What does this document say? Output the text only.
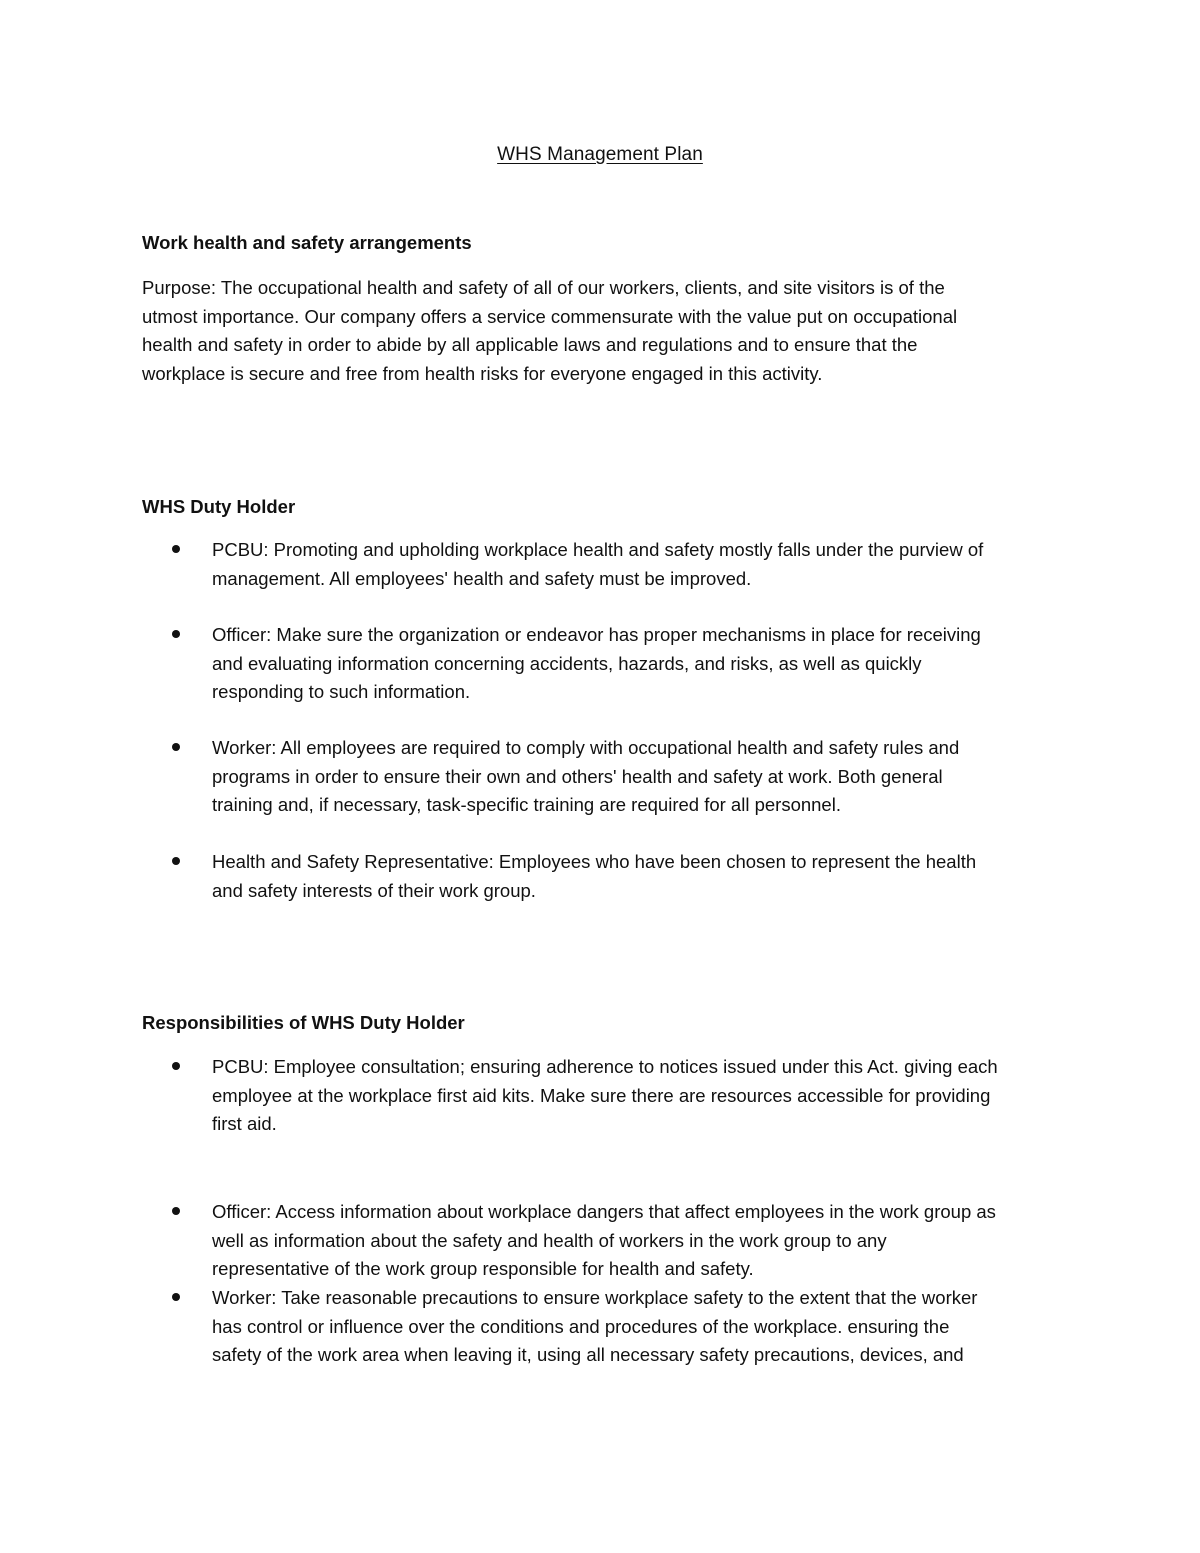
WHS Management Plan
Work health and safety arrangements
Purpose: The occupational health and safety of all of our workers, clients, and site visitors is of the
utmost importance. Our company offers a service commensurate with the value put on occupational
health and safety in order to abide by all applicable laws and regulations and to ensure that the
workplace is secure and free from health risks for everyone engaged in this activity.
WHS Duty Holder
PCBU: Promoting and upholding workplace health and safety mostly falls under the purview of
management. All employees' health and safety must be improved.
Officer: Make sure the organization or endeavor has proper mechanisms in place for receiving
and evaluating information concerning accidents, hazards, and risks, as well as quickly
responding to such information.
Worker: All employees are required to comply with occupational health and safety rules and
programs in order to ensure their own and others' health and safety at work. Both general
training and, if necessary, task-specific training are required for all personnel.
Health and Safety Representative: Employees who have been chosen to represent the health
and safety interests of their work group.
Responsibilities of WHS Duty Holder
PCBU: Employee consultation; ensuring adherence to notices issued under this Act. giving each
employee at the workplace first aid kits. Make sure there are resources accessible for providing
first aid.
Officer: Access information about workplace dangers that affect employees in the work group as
well as information about the safety and health of workers in the work group to any
representative of the work group responsible for health and safety.
Worker: Take reasonable precautions to ensure workplace safety to the extent that the worker
has control or influence over the conditions and procedures of the workplace. ensuring the
safety of the work area when leaving it, using all necessary safety precautions, devices, and
